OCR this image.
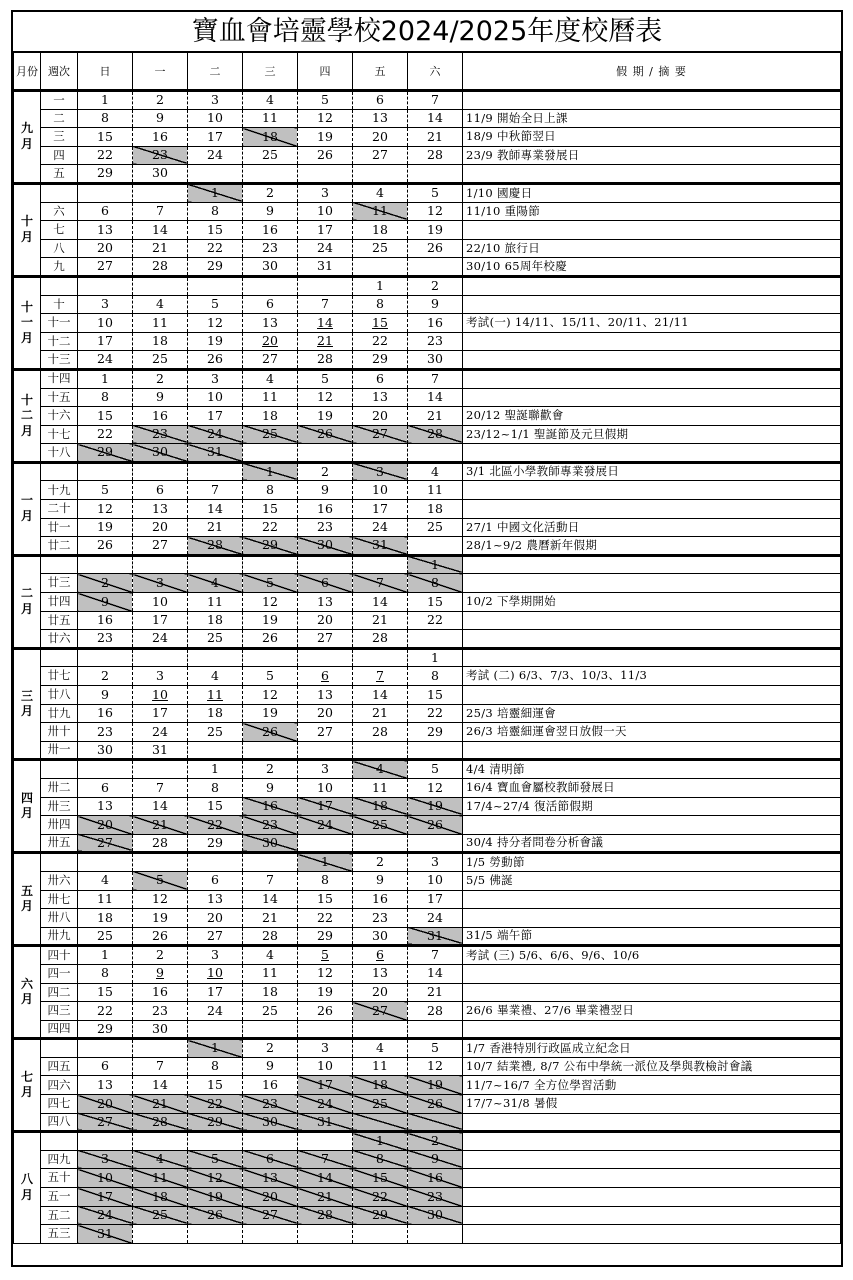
寶血會培靈學校2024/2025年度校曆表
月份	週次	日	一	二	三	四	五	六	假 期 / 摘 要

九
月	一	1	2	3	4	5	6	7	
	二	8	9	10	11	12	13	14	11/9 開始全日上課
	三	15	16	17	18	19	20	21	18/9 中秋節翌日
	四	22	23	24	25	26	27	28	23/9 教師專業發展日
	五	29	30						

十
月				1	2	3	4	5	1/10 國慶日
	六	6	7	8	9	10	11	12	11/10 重陽節
	七	13	14	15	16	17	18	19	
	八	20	21	22	23	24	25	26	22/10 旅行日
	九	27	28	29	30	31			30/10 65周年校慶

十
一
月							1	2	
	十	3	4	5	6	7	8	9	
	十一	10	11	12	13	14	15	16	考試(一) 14/11、15/11、20/11、21/11
	十二	17	18	19	20	21	22	23	
	十三	24	25	26	27	28	29	30	

十
二
月	十四	1	2	3	4	5	6	7	
	十五	8	9	10	11	12	13	14	
	十六	15	16	17	18	19	20	21	20/12 聖誕聯歡會
	十七	22	23	24	25	26	27	28	23/12~1/1 聖誕節及元旦假期
	十八	29	30	31					

一
月					1	2	3	4	3/1 北區小學教師專業發展日
	十九	5	6	7	8	9	10	11	
	二十	12	13	14	15	16	17	18	
	廿一	19	20	21	22	23	24	25	27/1 中國文化活動日
	廿二	26	27	28	29	30	31		28/1~9/2 農曆新年假期

二
月								1	
	廿三	2	3	4	5	6	7	8	
	廿四	9	10	11	12	13	14	15	10/2 下學期開始
	廿五	16	17	18	19	20	21	22	
	廿六	23	24	25	26	27	28		

三
月								1	
	廿七	2	3	4	5	6	7	8	考試 (二) 6/3、7/3、10/3、11/3
	廿八	9	10	11	12	13	14	15	
	廿九	16	17	18	19	20	21	22	25/3 培靈細運會
	卅十	23	24	25	26	27	28	29	26/3 培靈細運會翌日放假一天
	卅一	30	31						

四
月				1	2	3	4	5	4/4 清明節
	卅二	6	7	8	9	10	11	12	16/4 寶血會屬校教師發展日
	卅三	13	14	15	16	17	18	19	17/4~27/4 復活節假期
	卅四	20	21	22	23	24	25	26	
	卅五	27	28	29	30				30/4 持分者問卷分析會議

五
月						1	2	3	1/5 勞動節
	卅六	4	5	6	7	8	9	10	5/5 佛誕
	卅七	11	12	13	14	15	16	17	
	卅八	18	19	20	21	22	23	24	
	卅九	25	26	27	28	29	30	31	31/5 端午節

六
月	四十	1	2	3	4	5	6	7	考試 (三) 5/6、6/6、9/6、10/6
	四一	8	9	10	11	12	13	14	
	四二	15	16	17	18	19	20	21	
	四三	22	23	24	25	26	27	28	26/6 畢業禮、27/6 畢業禮翌日
	四四	29	30						

七
月				1	2	3	4	5	1/7 香港特別行政區成立紀念日
	四五	6	7	8	9	10	11	12	10/7 結業禮, 8/7 公布中學統一派位及學與教檢討會議
	四六	13	14	15	16	17	18	19	11/7~16/7 全方位學習活動
	四七	20	21	22	23	24	25	26	17/7~31/8 暑假
	四八	27	28	29	30	31			

八
月							1	2	
	四九	3	4	5	6	7	8	9	
	五十	10	11	12	13	14	15	16	
	五一	17	18	19	20	21	22	23	
	五二	24	25	26	27	28	29	30	
	五三	31							
